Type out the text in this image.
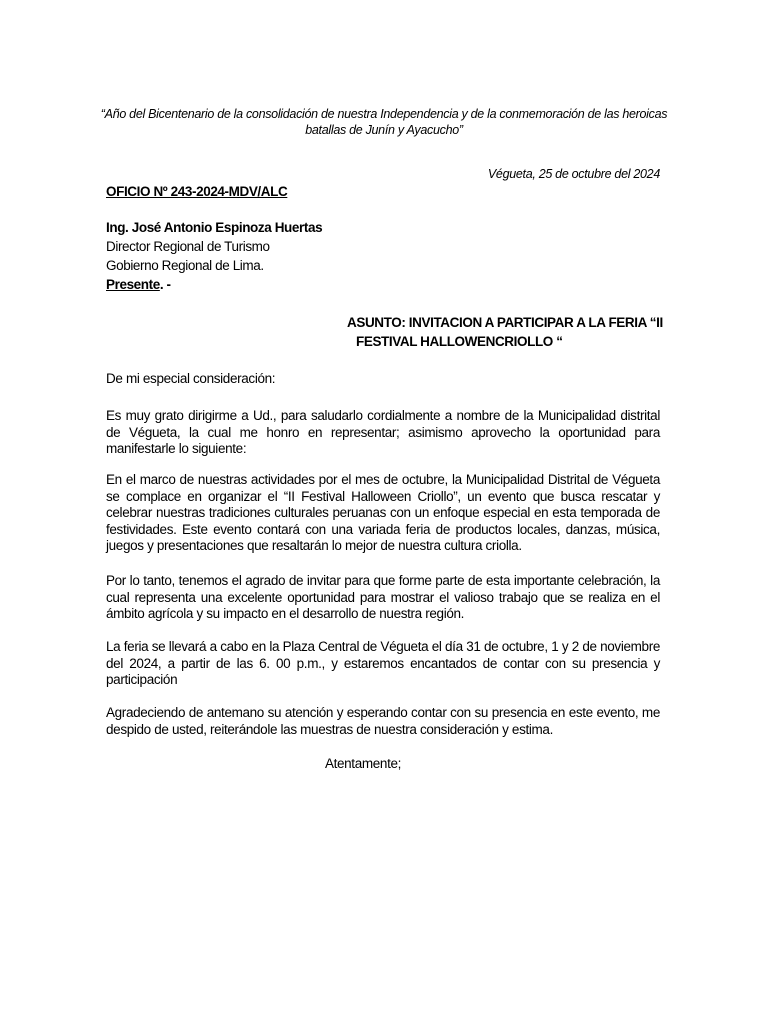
“Año del Bicentenario de la consolidación de nuestra Independencia y de la conmemoración de las heroicas batallas de Junín y Ayacucho”
Végueta, 25 de octubre del 2024
OFICIO Nº 243-2024-MDV/ALC
Ing. José Antonio Espinoza Huertas
Director Regional de Turismo
Gobierno Regional de Lima.
Presente. -
ASUNTO: INVITACION A PARTICIPAR A LA FERIA “II
FESTIVAL HALLOWENCRIOLLO “

De mi especial consideración:

Es muy grato dirigirme a Ud., para saludarlo cordialmente a nombre de la Municipalidad distrital de Végueta, la cual me honro en representar; asimismo aprovecho la oportunidad para manifestarle lo siguiente:

En el marco de nuestras actividades por el mes de octubre, la Municipalidad Distrital de Végueta se complace en organizar el “II Festival Halloween Criollo”, un evento que busca rescatar y celebrar nuestras tradiciones culturales peruanas con un enfoque especial en esta temporada de festividades. Este evento contará con una variada feria de productos locales, danzas, música, juegos y presentaciones que resaltarán lo mejor de nuestra cultura criolla.

Por lo tanto, tenemos el agrado de invitar para que forme parte de esta importante celebración, la cual representa una excelente oportunidad para mostrar el valioso trabajo que se realiza en el ámbito agrícola y su impacto en el desarrollo de nuestra región.

La feria se llevará a cabo en la Plaza Central de Végueta el día 31 de octubre, 1 y 2 de noviembre del 2024, a partir de las 6. 00 p.m., y estaremos encantados de contar con su presencia y participación

Agradeciendo de antemano su atención y esperando contar con su presencia en este evento, me despido de usted, reiterándole las muestras de nuestra consideración y estima.

Atentamente;
